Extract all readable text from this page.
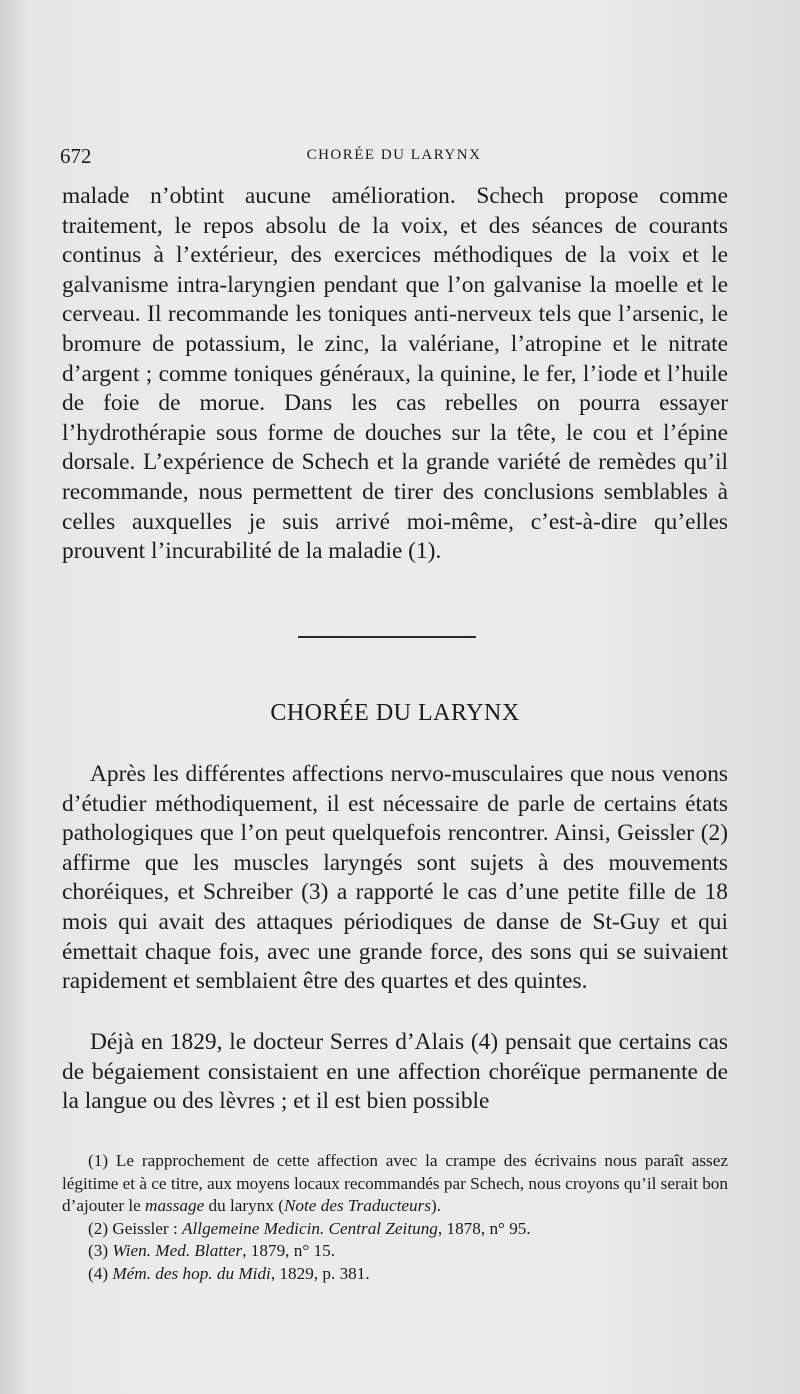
672	CHORÉE DU LARYNX

malade n’obtint aucune amélioration. Schech propose comme traitement, le repos absolu de la voix, et des séances de courants continus à l’extérieur, des exercices méthodiques de la voix et le galvanisme intra-laryngien pendant que l’on galvanise la moelle et le cerveau. Il recommande les toniques anti-nerveux tels que l’arsenic, le bromure de potassium, le zinc, la valériane, l’atropine et le nitrate d’argent ; comme toniques généraux, la quinine, le fer, l’iode et l’huile de foie de morue. Dans les cas rebelles on pourra essayer l’hydrothérapie sous forme de douches sur la tête, le cou et l’épine dorsale. L’expérience de Schech et la grande variété de remèdes qu’il recommande, nous permettent de tirer des conclusions semblables à celles auxquelles je suis arrivé moi-même, c’est-à-dire qu’elles prouvent l’incurabilité de la maladie (1).

CHORÉE DU LARYNX

Après les différentes affections nervo-musculaires que nous venons d’étudier méthodiquement, il est nécessaire de parle de certains états pathologiques que l’on peut quelquefois rencontrer. Ainsi, Geissler (2) affirme que les muscles laryngés sont sujets à des mouvements choréiques, et Schreiber (3) a rapporté le cas d’une petite fille de 18 mois qui avait des attaques périodiques de danse de St-Guy et qui émettait chaque fois, avec une grande force, des sons qui se suivaient rapidement et semblaient être des quartes et des quintes.

Déjà en 1829, le docteur Serres d’Alais (4) pensait que certains cas de bégaiement consistaient en une affection choréïque permanente de la langue ou des lèvres ; et il est bien possible

(1) Le rapprochement de cette affection avec la crampe des écrivains nous paraît assez légitime et à ce titre, aux moyens locaux recommandés par Schech, nous croyons qu’il serait bon d’ajouter le massage du larynx (Note des Traducteurs).

(2) Geissler : Allgemeine Medicin. Central Zeitung, 1878, n° 95.

(3) Wien. Med. Blatter, 1879, n° 15.

(4) Mém. des hop. du Midi, 1829, p. 381.
